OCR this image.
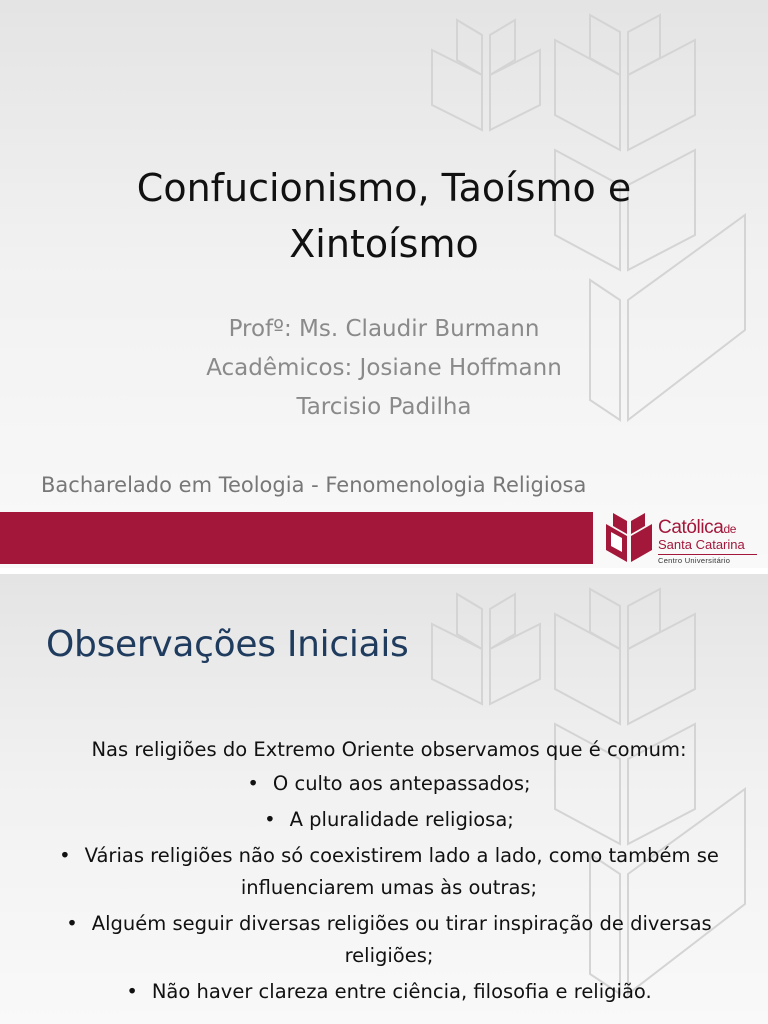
Confucionismo, Taoísmo e
Xintoísmo
Profº: Ms. Claudir Burmann
Acadêmicos: Josiane Hoffmann
Tarcisio Padilha
Bacharelado em Teologia - Fenomenologia Religiosa
Católicade
Santa Catarina
Centro Universitário
Observações Iniciais
Nas religiões do Extremo Oriente observamos que é comum:
• O culto aos antepassados;
• A pluralidade religiosa;
• Várias religiões não só coexistirem lado a lado, como também se influenciarem umas às outras;
• Alguém seguir diversas religiões ou tirar inspiração de diversas religiões;
• Não haver clareza entre ciência, filosofia e religião.
